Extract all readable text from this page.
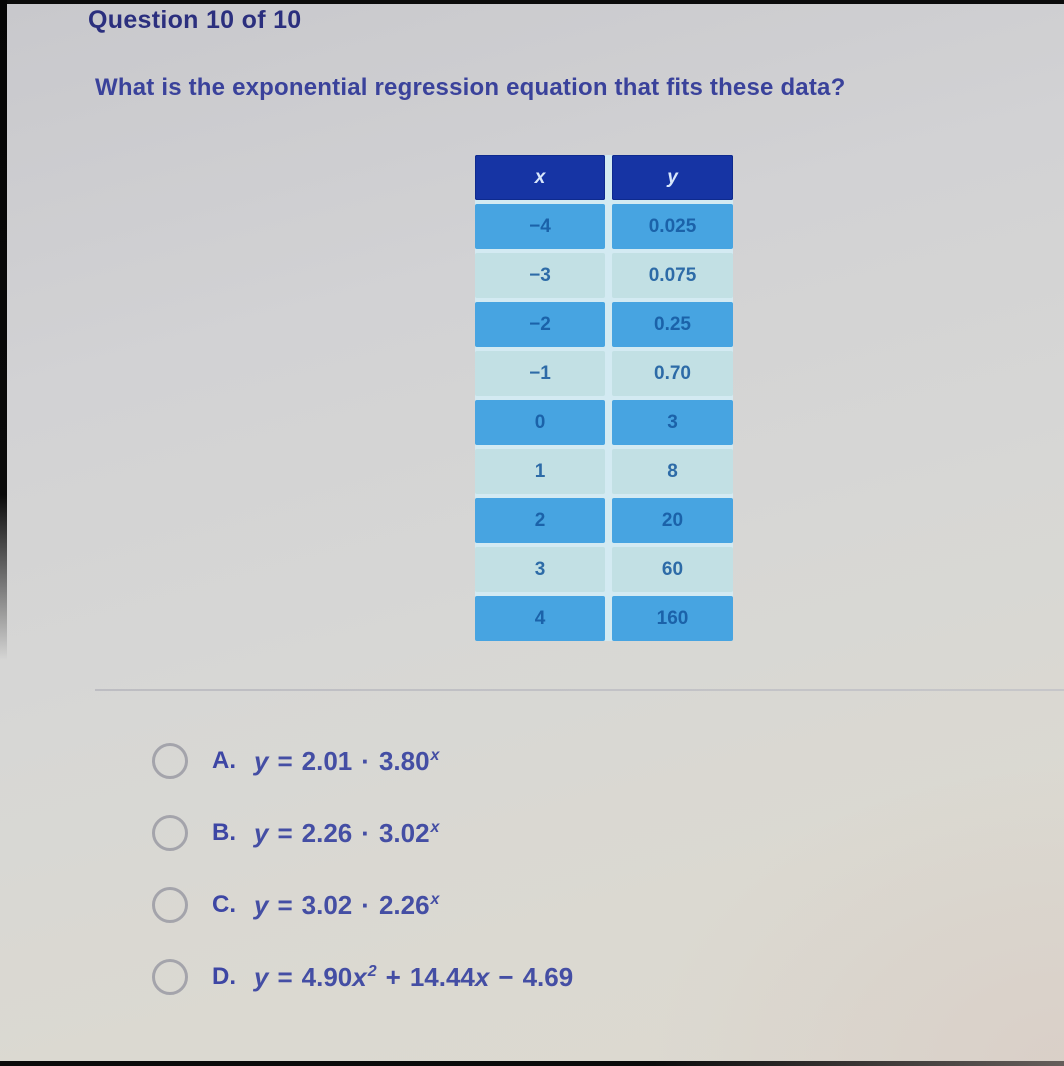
Question 10 of 10
What is the exponential regression equation that fits these data?
x	y
−4	0.025
−3	0.075
−2	0.25
−1	0.70
0	3
1	8
2	20
3	60
4	160
A. $y = 2.01 \cdot 3.80^x$
B. $y = 2.26 \cdot 3.02^x$
C. $y = 3.02 \cdot 2.26^x$
D. y = 4.90 $x^2 + 14.44$ x − 4.69
